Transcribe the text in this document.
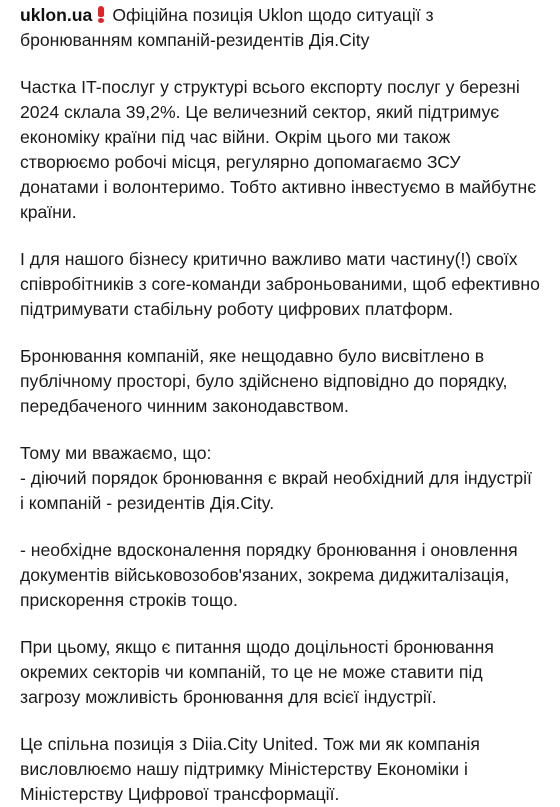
uklon.ua Офіційна позиція Uklon щодо ситуації з бронюванням компаній-резидентів Дія.City

Частка IT-послуг у структурі всього експорту послуг у березні 2024 склала 39,2%. Це величезний сектор, який підтримує економіку країни під час війни. Окрім цього ми також створюємо робочі місця, регулярно допомагаємо ЗСУ донатами і волонтеримо. Тобто активно інвестуємо в майбутнє країни.

І для нашого бізнесу критично важливо мати частину(!) своїх співробітників з core-команди заброньованими, щоб ефективно підтримувати стабільну роботу цифрових платформ.

Бронювання компаній, яке нещодавно було висвітлено в публічному просторі, було здійснено відповідно до порядку, передбаченого чинним законодавством.

Тому ми вважаємо, що:

- діючий порядок бронювання є вкрай необхідний для індустрії і компаній - резидентів Дія.City.

- необхідне вдосконалення порядку бронювання і оновлення документів військовозобов'язаних, зокрема диджиталізація, прискорення строків тощо.

При цьому, якщо є питання щодо доцільності бронювання окремих секторів чи компаній, то це не може ставити під загрозу можливість бронювання для всієї індустрії.

Це спільна позиція з Diia.City United. Тож ми як компанія висловлюємо нашу підтримку Міністерству Економіки і Міністерству Цифрової трансформації.
